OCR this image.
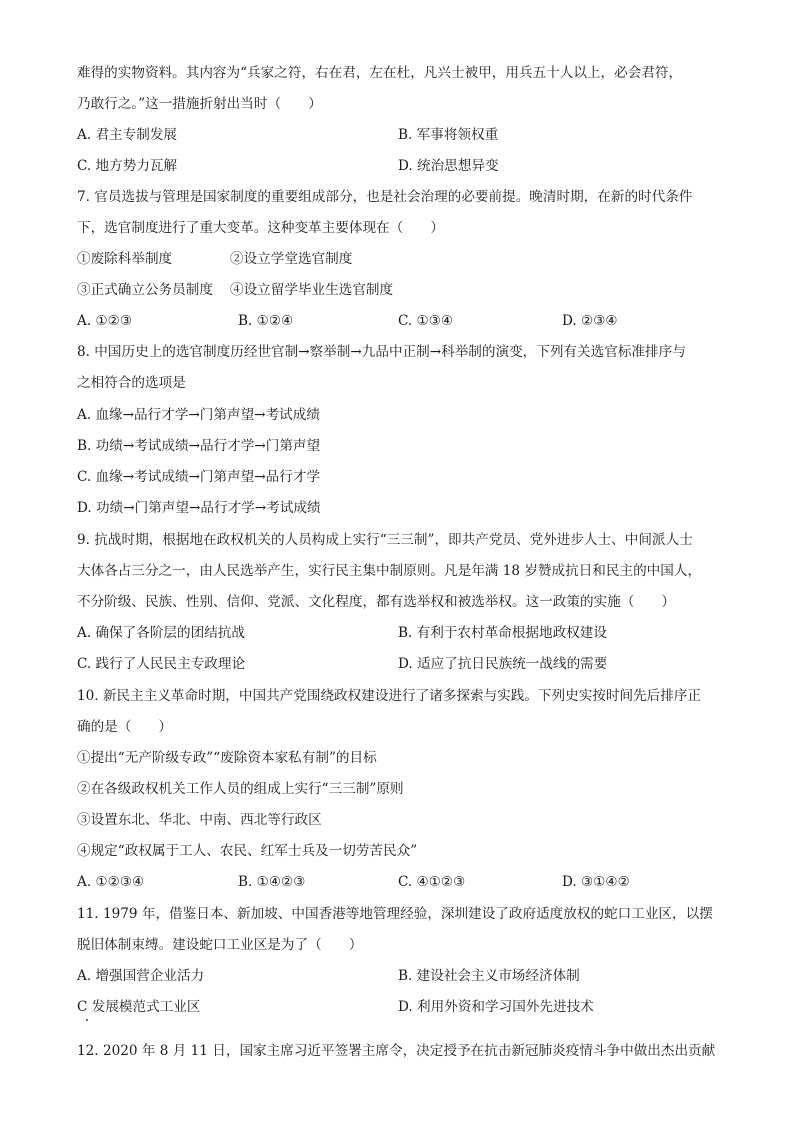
难得的实物资料。其内容为“兵家之符，右在君，左在杜，凡兴士被甲，用兵五十人以上，必会君符，
乃敢行之。”这一措施折射出当时（　　）
A. 君主专制发展	B. 军事将领权重
C. 地方势力瓦解	D. 统治思想异变
7. 官员选拔与管理是国家制度的重要组成部分，也是社会治理的必要前提。晚清时期，在新的时代条件
下，选官制度进行了重大变革。这种变革主要体现在（　　）
①废除科举制度	②设立学堂选官制度
③正式确立公务员制度 ④设立留学毕业生选官制度
A. ①②③	B. ①②④	C. ①③④	D. ②③④
8. 中国历史上的选官制度历经世官制→察举制→九品中正制→科举制的演变，下列有关选官标准排序与
之相符合的选项是
A. 血缘→品行才学→门第声望→考试成绩
B. 功绩→考试成绩→品行才学→门第声望
C. 血缘→考试成绩→门第声望→品行才学
D. 功绩→门第声望→品行才学→考试成绩
9. 抗战时期，根据地在政权机关的人员构成上实行“三三制”，即共产党员、党外进步人士、中间派人士
大体各占三分之一，由人民选举产生，实行民主集中制原则。凡是年满 18 岁赞成抗日和民主的中国人，
不分阶级、民族、性别、信仰、党派、文化程度，都有选举权和被选举权。这一政策的实施（　　）
A. 确保了各阶层的团结抗战	B. 有利于农村革命根据地政权建设
C. 践行了人民民主专政理论	D. 适应了抗日民族统一战线的需要
10. 新民主主义革命时期，中国共产党围绕政权建设进行了诸多探索与实践。下列史实按时间先后排序正
确的是（　　）
①提出“无产阶级专政”“废除资本家私有制”的目标
②在各级政权机关工作人员的组成上实行“三三制”原则
③设置东北、华北、中南、西北等行政区
④规定“政权属于工人、农民、红军士兵及一切劳苦民众”
A. ①②③④	B. ①④②③	C. ④①②③	D. ③①④②
11. 1979 年，借鉴日本、新加坡、中国香港等地管理经验，深圳建设了政府适度放权的蛇口工业区，以摆
脱旧体制束缚。建设蛇口工业区是为了（　　）
A. 增强国营企业活力	B. 建设社会主义市场经济体制
C 发展模范式工业区	D. 利用外资和学习国外先进技术
12. 2020 年 8 月 11 日，国家主席习近平签署主席令，决定授予在抗击新冠肺炎疫情斗争中做出杰出贡献
